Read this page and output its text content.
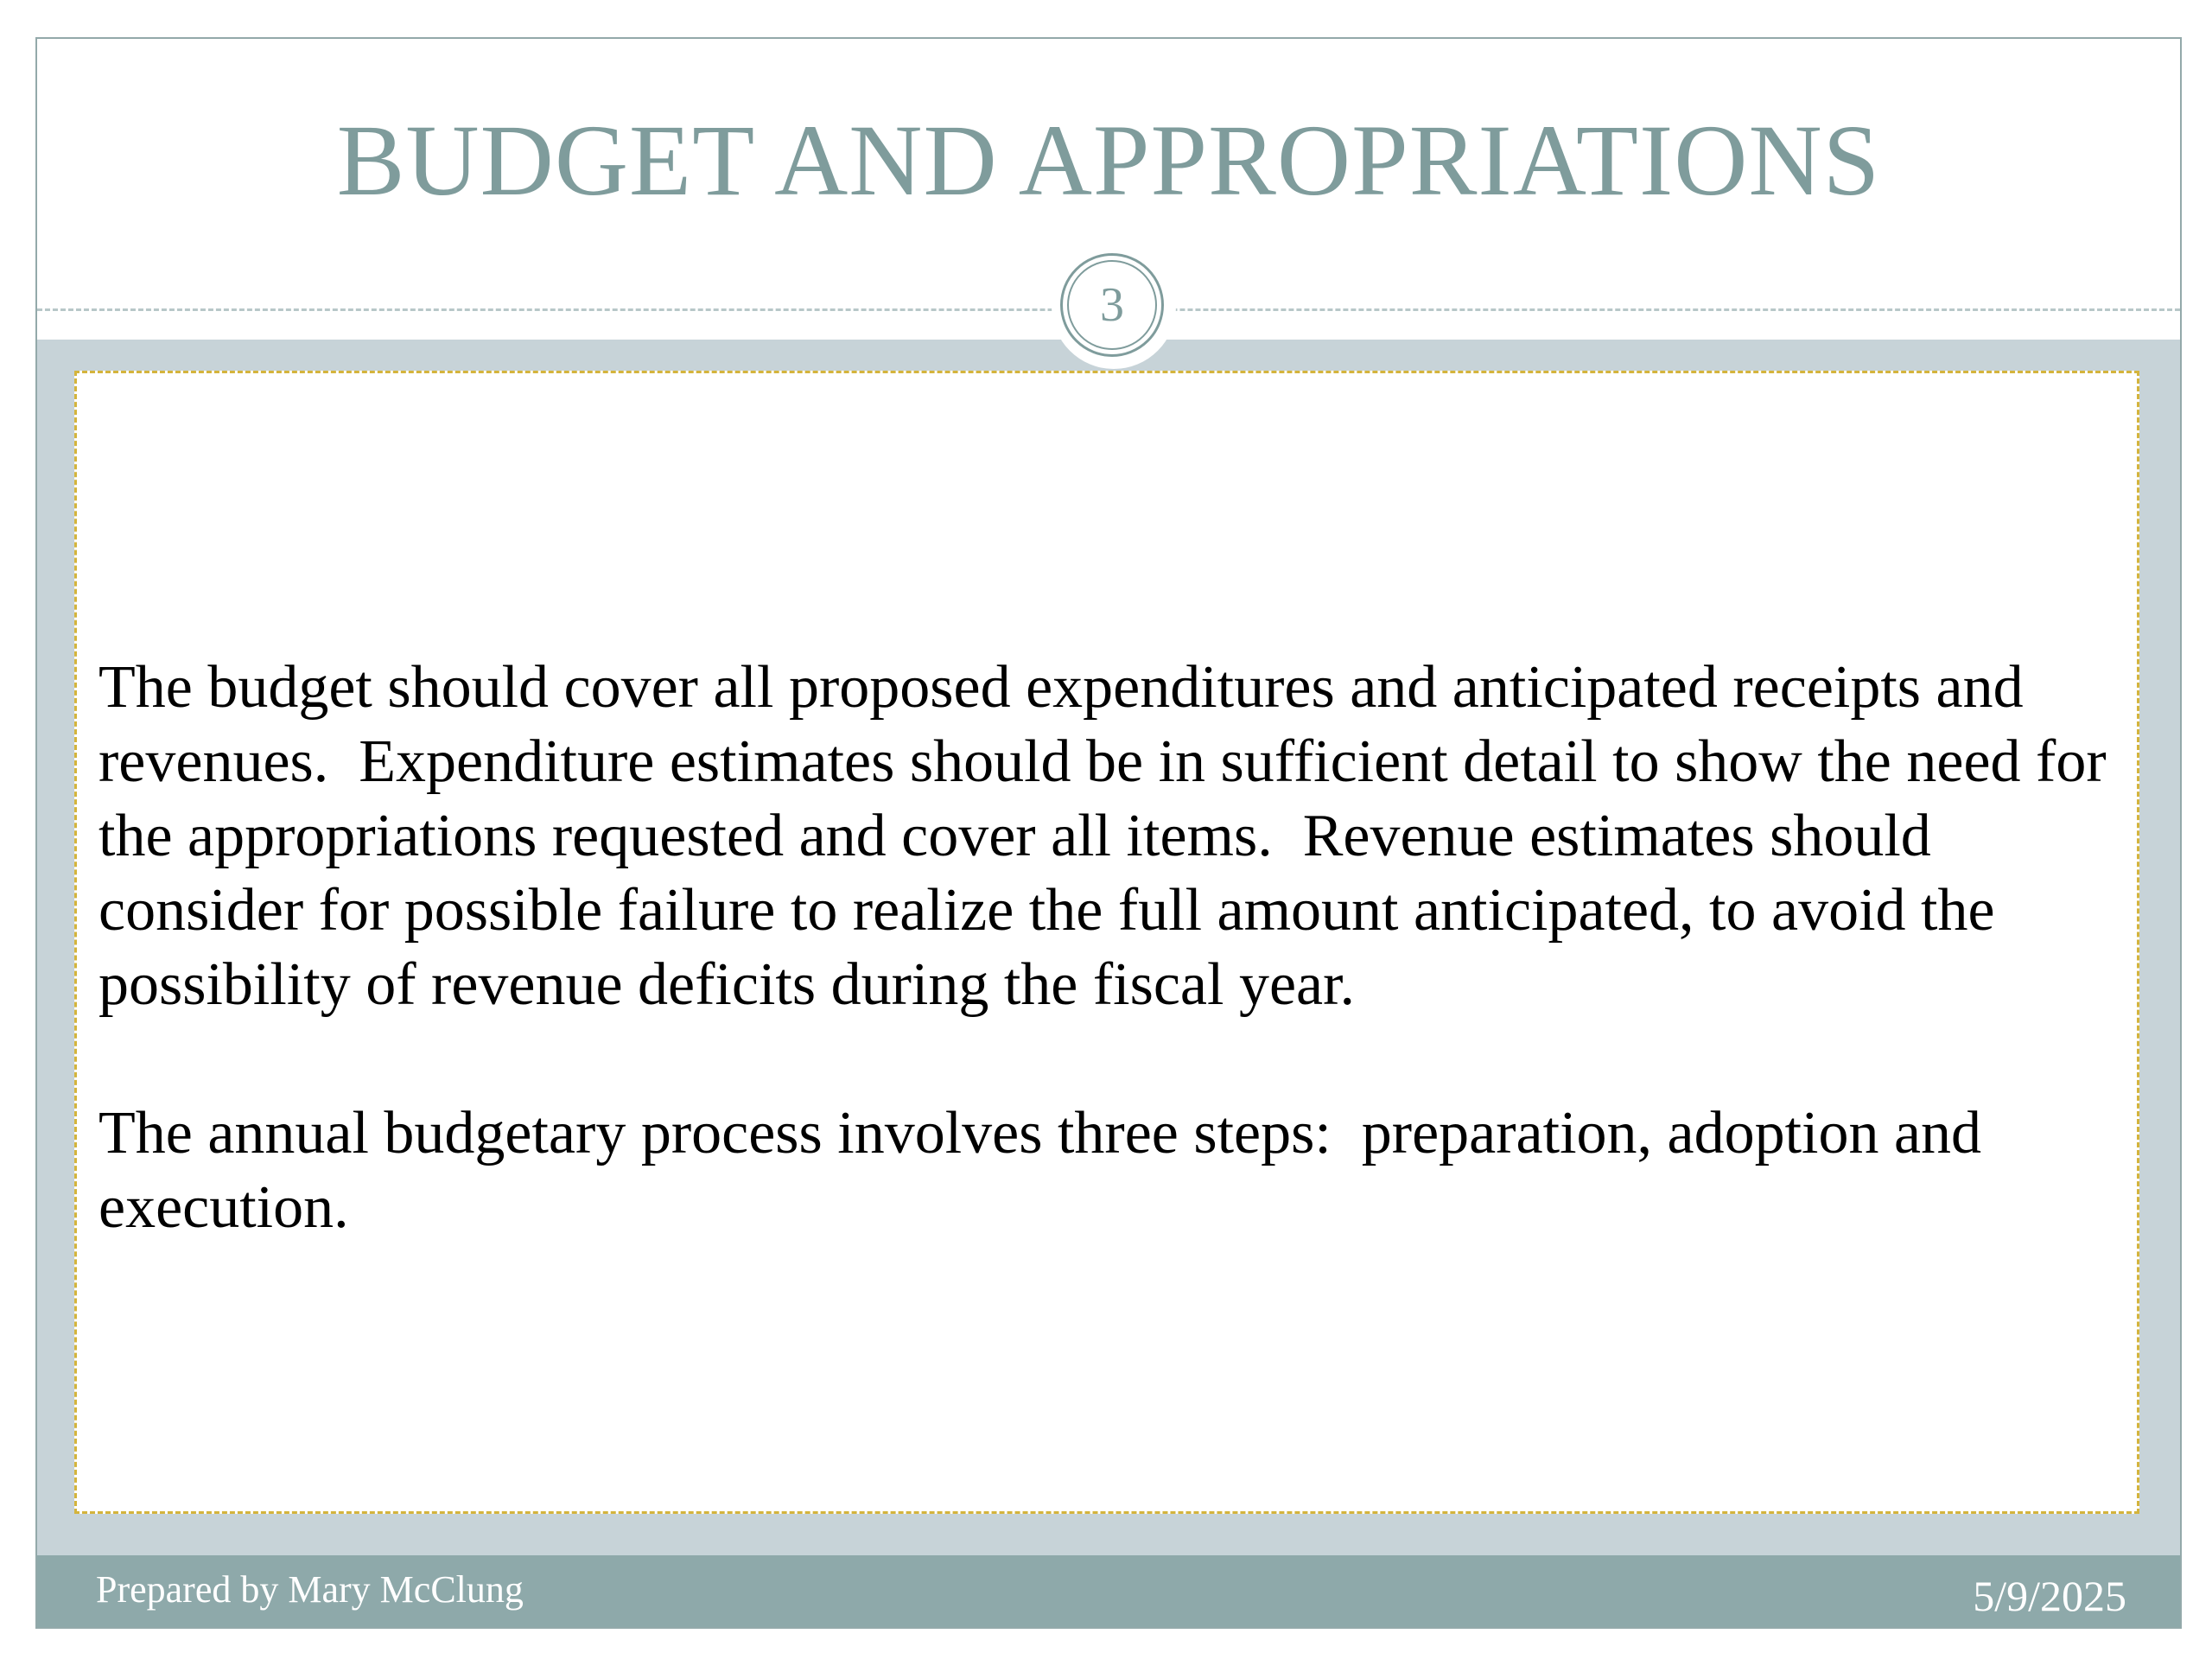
BUDGET AND APPROPRIATIONS
3

The budget should cover all proposed expenditures and anticipated receipts and revenues.  Expenditure estimates should be in sufficient detail to show the need for the appropriations requested and cover all items.  Revenue estimates should consider for possible failure to realize the full amount anticipated, to avoid the possibility of revenue deficits during the fiscal year.

The annual budgetary process involves three steps:  preparation, adoption and execution.

Prepared by Mary McClung	5/9/2025
